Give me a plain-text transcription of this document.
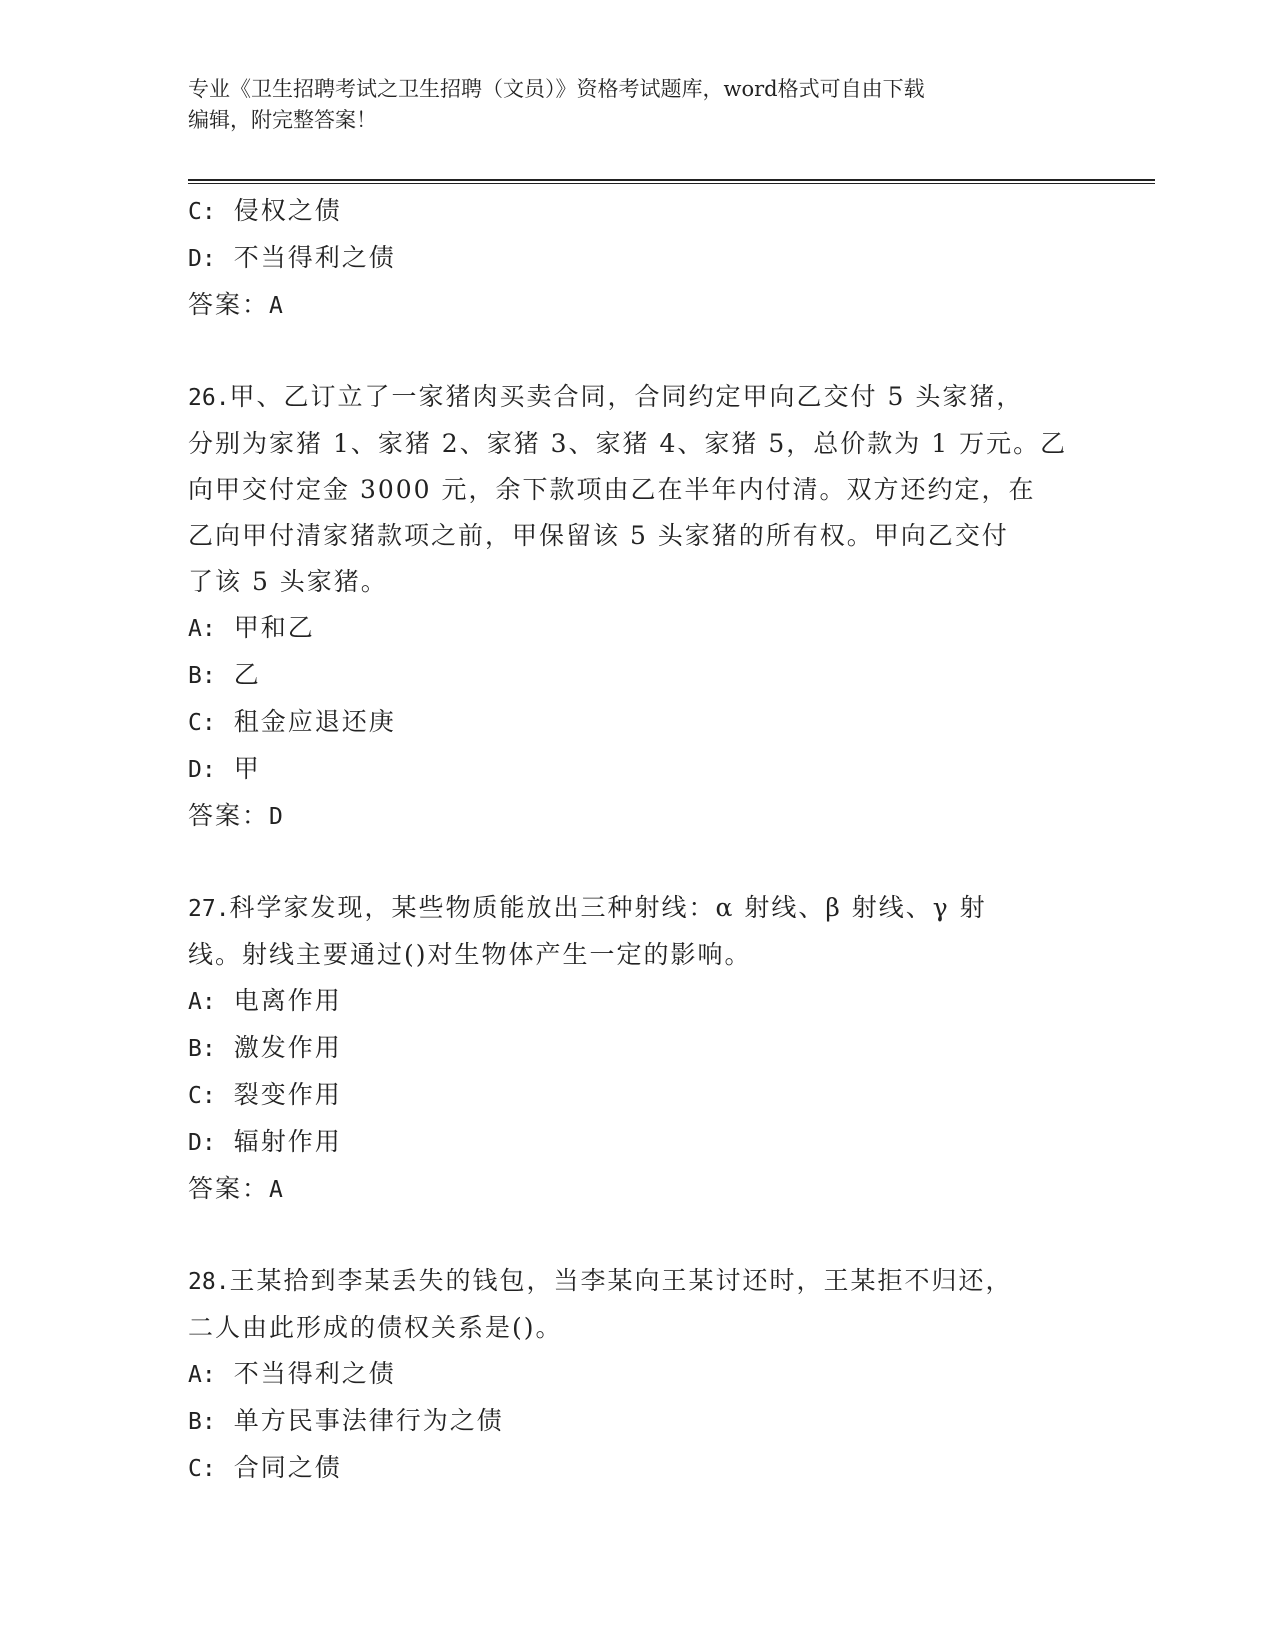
专业《卫生招聘考试之卫生招聘（文员）》资格考试题库，word格式可自由下载
编辑，附完整答案！
C: 侵权之债
D: 不当得利之债
答案：A
26.甲、乙订立了一家猪肉买卖合同，合同约定甲向乙交付 5 头家猪，
分别为家猪 1、家猪 2、家猪 3、家猪 4、家猪 5，总价款为 1 万元。乙
向甲交付定金 3000 元，余下款项由乙在半年内付清。双方还约定，在
乙向甲付清家猪款项之前，甲保留该 5 头家猪的所有权。甲向乙交付
了该 5 头家猪。
A: 甲和乙
B: 乙
C: 租金应退还庚
D: 甲
答案：D
27.科学家发现，某些物质能放出三种射线：α 射线、β 射线、γ 射
线。射线主要通过()对生物体产生一定的影响。
A: 电离作用
B: 激发作用
C: 裂变作用
D: 辐射作用
答案：A
28.王某拾到李某丢失的钱包，当李某向王某讨还时，王某拒不归还，
二人由此形成的债权关系是()。
A: 不当得利之债
B: 单方民事法律行为之债
C: 合同之债
